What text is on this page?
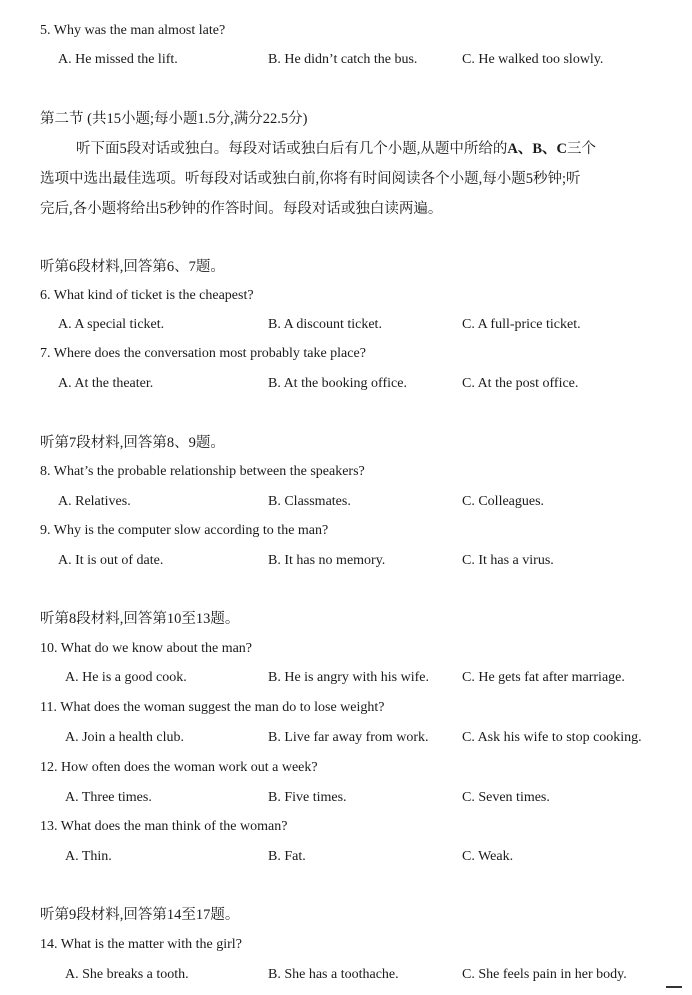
5. Why was the man almost late?
A. He missed the lift.	B. He didn’t catch the bus.	C. He walked too slowly.
第二节 (共15小题;每小题1.5分,满分22.5分)
听下面5段对话或独白。每段对话或独白后有几个小题,从题中所给的A、B、C三个
选项中选出最佳选项。听每段对话或独白前,你将有时间阅读各个小题,每小题5秒钟;听
完后,各小题将给出5秒钟的作答时间。每段对话或独白读两遍。
听第6段材料,回答第6、7题。
6. What kind of ticket is the cheapest?
A. A special ticket.	B. A discount ticket.	C. A full-price ticket.
7. Where does the conversation most probably take place?
A. At the theater.	B. At the booking office.	C. At the post office.
听第7段材料,回答第8、9题。
8. What’s the probable relationship between the speakers?
A. Relatives.	B. Classmates.	C. Colleagues.
9. Why is the computer slow according to the man?
A. It is out of date.	B. It has no memory.	C. It has a virus.
听第8段材料,回答第10至13题。
10. What do we know about the man?
A. He is a good cook.	B. He is angry with his wife. C. He gets fat after marriage.
11. What does the woman suggest the man do to lose weight?
A. Join a health club.	B. Live far away from work. C. Ask his wife to stop cooking.
12. How often does the woman work out a week?
A. Three times.	B. Five times.	C. Seven times.
13. What does the man think of the woman?
A. Thin.	B. Fat.	C. Weak.
听第9段材料,回答第14至17题。
14. What is the matter with the girl?
A. She breaks a tooth.	B. She has a toothache.	C. She feels pain in her body.
